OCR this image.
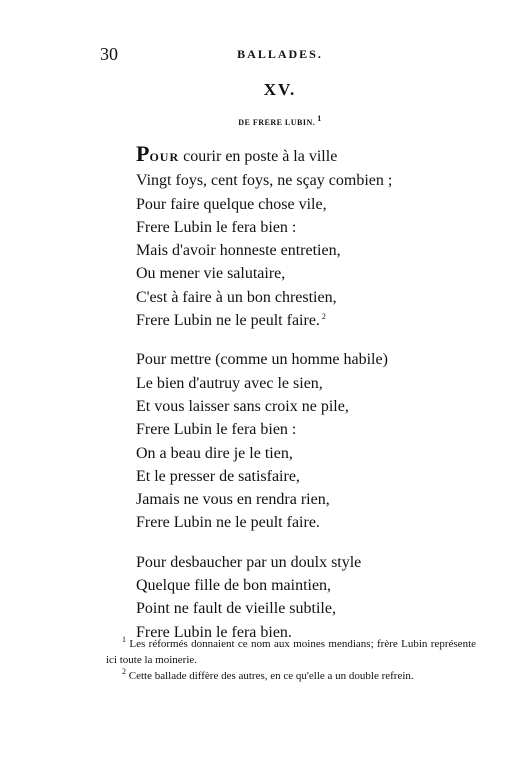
30	BALLADES.
XV.
DE FRERE LUBIN. $^1$
POUR courir en poste à la ville
Vingt foys, cent foys, ne sçay combien ;
Pour faire quelque chose vile,
Frere Lubin le fera bien :
Mais d'avoir honneste entretien,
Ou mener vie salutaire,
C'est à faire à un bon chrestien,
Frere Lubin ne le peult faire. $^2$
Pour mettre (comme un homme habile)
Le bien d'autruy avec le sien,
Et vous laisser sans croix ne pile,
Frere Lubin le fera bien :
On a beau dire je le tien,
Et le presser de satisfaire,
Jamais ne vous en rendra rien,
Frere Lubin ne le peult faire.
Pour desbaucher par un doulx style
Quelque fille de bon maintien,
Point ne fault de vieille subtile,
Frere Lubin le fera bien.

$^1$ Les réformés donnaient ce nom aux moines mendians; frère Lubin représente ici toute la moinerie.

$^2$ Cette ballade diffère des autres, en ce qu'elle a un double refrein.
